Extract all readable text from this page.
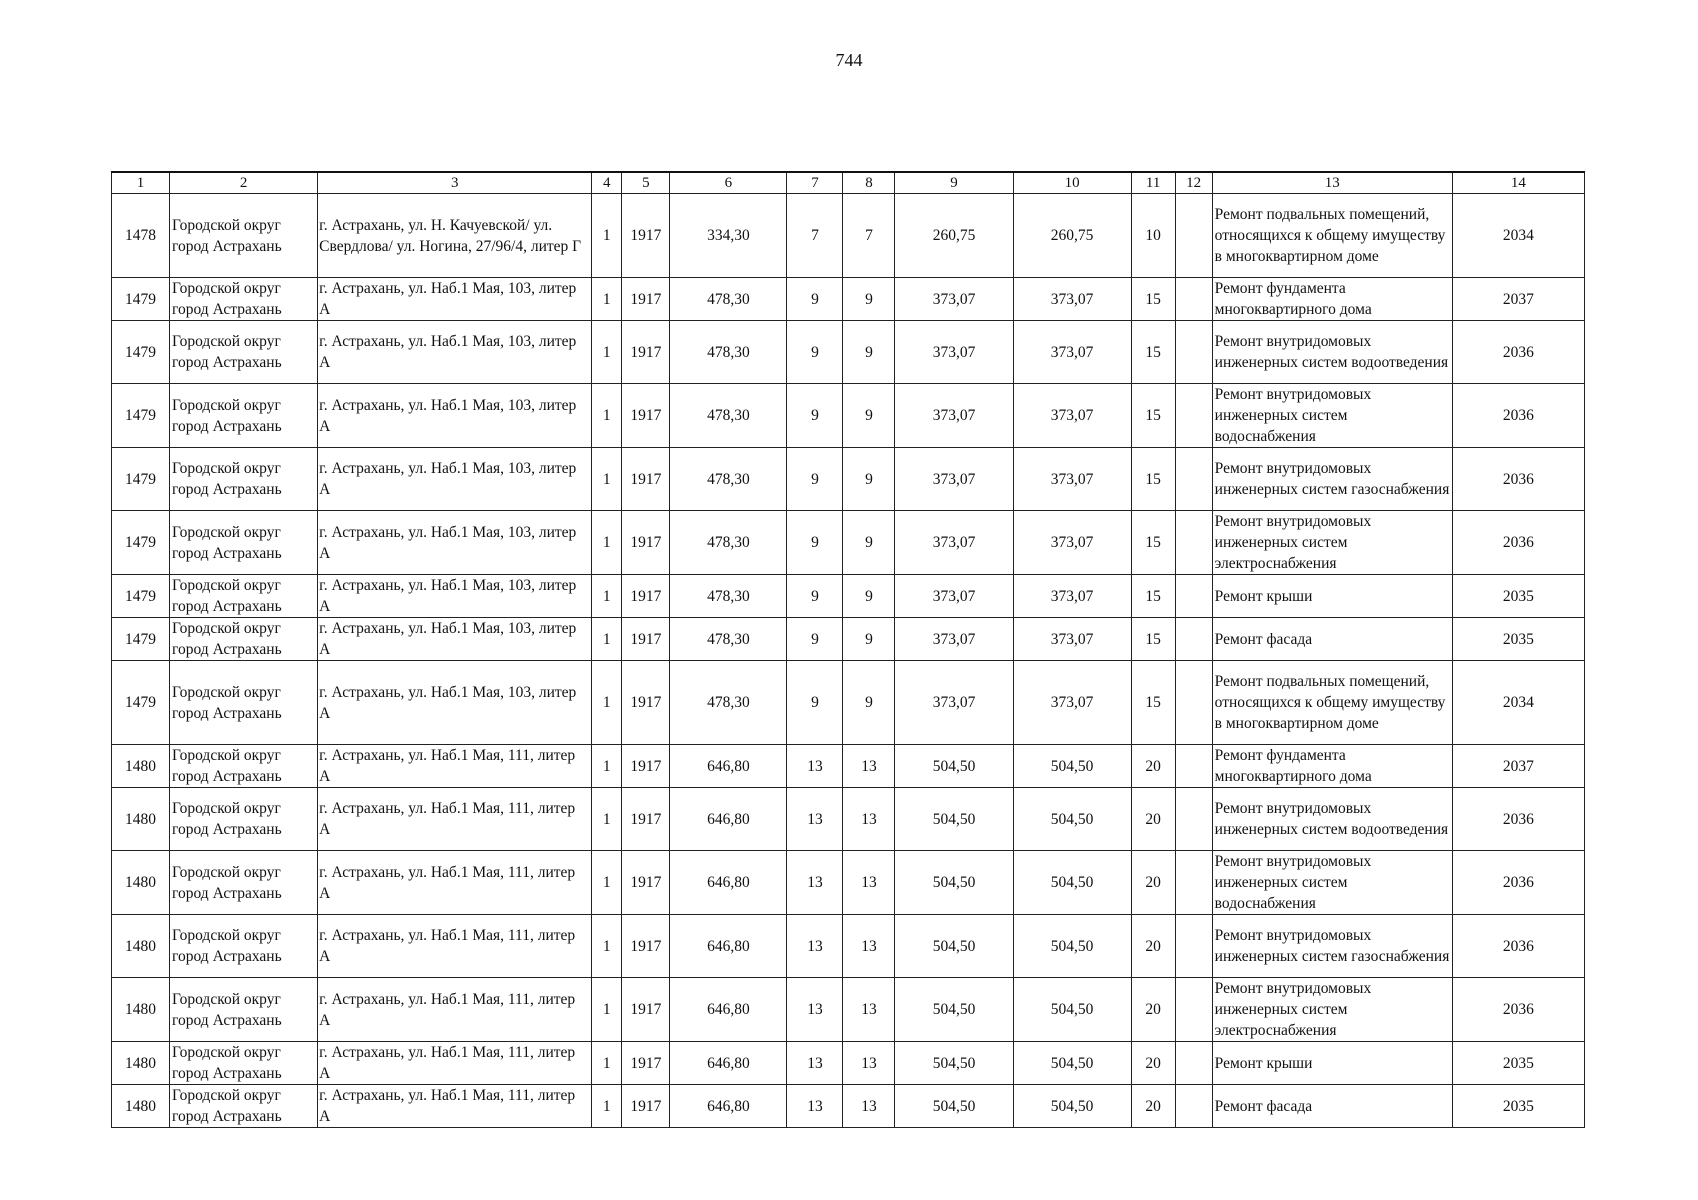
744
1	2	3	4	5	6	7	8	9	10	11	12	13	14
1478	Городской округ город Астрахань	г. Астрахань, ул. Н. Качуевской/ ул. Свердлова/ ул. Ногина, 27/96/4, литер Г	1	1917	334,30	7	7	260,75	260,75	10		Ремонт подвальных помещений, относящихся к общему имуществу в многоквартирном доме	2034
1479	Городской округ город Астрахань	г. Астрахань, ул. Наб.1 Мая, 103, литер А	1	1917	478,30	9	9	373,07	373,07	15		Ремонт фундамента многоквартирного дома	2037
1479	Городской округ город Астрахань	г. Астрахань, ул. Наб.1 Мая, 103, литер А	1	1917	478,30	9	9	373,07	373,07	15		Ремонт внутридомовых инженерных систем водоотведения	2036
1479	Городской округ город Астрахань	г. Астрахань, ул. Наб.1 Мая, 103, литер А	1	1917	478,30	9	9	373,07	373,07	15		Ремонт внутридомовых инженерных систем водоснабжения	2036
1479	Городской округ город Астрахань	г. Астрахань, ул. Наб.1 Мая, 103, литер А	1	1917	478,30	9	9	373,07	373,07	15		Ремонт внутридомовых инженерных систем газоснабжения	2036
1479	Городской округ город Астрахань	г. Астрахань, ул. Наб.1 Мая, 103, литер А	1	1917	478,30	9	9	373,07	373,07	15		Ремонт внутридомовых инженерных систем электроснабжения	2036
1479	Городской округ город Астрахань	г. Астрахань, ул. Наб.1 Мая, 103, литер А	1	1917	478,30	9	9	373,07	373,07	15		Ремонт крыши	2035
1479	Городской округ город Астрахань	г. Астрахань, ул. Наб.1 Мая, 103, литер А	1	1917	478,30	9	9	373,07	373,07	15		Ремонт фасада	2035
1479	Городской округ город Астрахань	г. Астрахань, ул. Наб.1 Мая, 103, литер А	1	1917	478,30	9	9	373,07	373,07	15		Ремонт подвальных помещений, относящихся к общему имуществу в многоквартирном доме	2034
1480	Городской округ город Астрахань	г. Астрахань, ул. Наб.1 Мая, 111, литер А	1	1917	646,80	13	13	504,50	504,50	20		Ремонт фундамента многоквартирного дома	2037
1480	Городской округ город Астрахань	г. Астрахань, ул. Наб.1 Мая, 111, литер А	1	1917	646,80	13	13	504,50	504,50	20		Ремонт внутридомовых инженерных систем водоотведения	2036
1480	Городской округ город Астрахань	г. Астрахань, ул. Наб.1 Мая, 111, литер А	1	1917	646,80	13	13	504,50	504,50	20		Ремонт внутридомовых инженерных систем водоснабжения	2036
1480	Городской округ город Астрахань	г. Астрахань, ул. Наб.1 Мая, 111, литер А	1	1917	646,80	13	13	504,50	504,50	20		Ремонт внутридомовых инженерных систем газоснабжения	2036
1480	Городской округ город Астрахань	г. Астрахань, ул. Наб.1 Мая, 111, литер А	1	1917	646,80	13	13	504,50	504,50	20		Ремонт внутридомовых инженерных систем электроснабжения	2036
1480	Городской округ город Астрахань	г. Астрахань, ул. Наб.1 Мая, 111, литер А	1	1917	646,80	13	13	504,50	504,50	20		Ремонт крыши	2035
1480	Городской округ город Астрахань	г. Астрахань, ул. Наб.1 Мая, 111, литер А	1	1917	646,80	13	13	504,50	504,50	20		Ремонт фасада	2035
